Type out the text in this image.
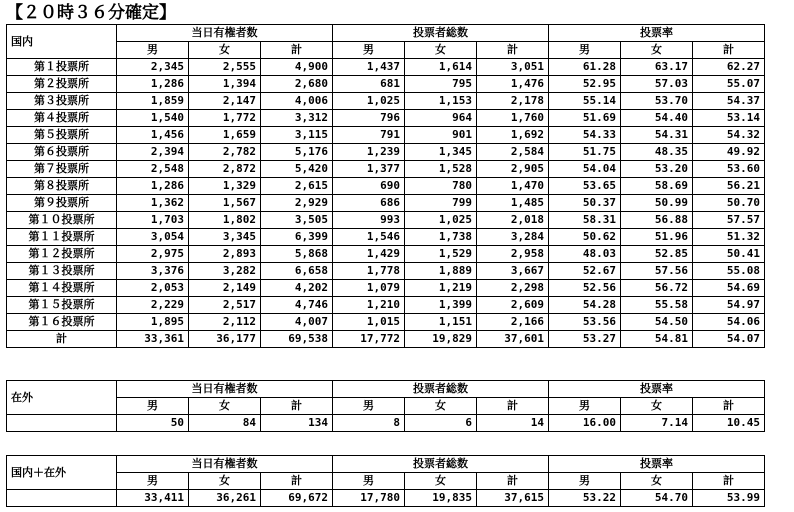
【２０時３６分確定】
国内	当日有権者数			投票者総数			投票率		
	男	女	計	男	女	計	男	女	計
第１投票所	2,345	2,555	4,900	1,437	1,614	3,051	61.28	63.17	62.27
第２投票所	1,286	1,394	2,680	681	795	1,476	52.95	57.03	55.07
第３投票所	1,859	2,147	4,006	1,025	1,153	2,178	55.14	53.70	54.37
第４投票所	1,540	1,772	3,312	796	964	1,760	51.69	54.40	53.14
第５投票所	1,456	1,659	3,115	791	901	1,692	54.33	54.31	54.32
第６投票所	2,394	2,782	5,176	1,239	1,345	2,584	51.75	48.35	49.92
第７投票所	2,548	2,872	5,420	1,377	1,528	2,905	54.04	53.20	53.60
第８投票所	1,286	1,329	2,615	690	780	1,470	53.65	58.69	56.21
第９投票所	1,362	1,567	2,929	686	799	1,485	50.37	50.99	50.70
第１０投票所	1,703	1,802	3,505	993	1,025	2,018	58.31	56.88	57.57
第１１投票所	3,054	3,345	6,399	1,546	1,738	3,284	50.62	51.96	51.32
第１２投票所	2,975	2,893	5,868	1,429	1,529	2,958	48.03	52.85	50.41
第１３投票所	3,376	3,282	6,658	1,778	1,889	3,667	52.67	57.56	55.08
第１４投票所	2,053	2,149	4,202	1,079	1,219	2,298	52.56	56.72	54.69
第１５投票所	2,229	2,517	4,746	1,210	1,399	2,609	54.28	55.58	54.97
第１６投票所	1,895	2,112	4,007	1,015	1,151	2,166	53.56	54.50	54.06
計	33,361	36,177	69,538	17,772	19,829	37,601	53.27	54.81	54.07
在外	当日有権者数			投票者総数			投票率		
	男	女	計	男	女	計	男	女	計
	50	84	134	8	6	14	16.00	7.14	10.45
国内＋在外	当日有権者数			投票者総数			投票率		
	男	女	計	男	女	計	男	女	計
	33,411	36,261	69,672	17,780	19,835	37,615	53.22	54.70	53.99
